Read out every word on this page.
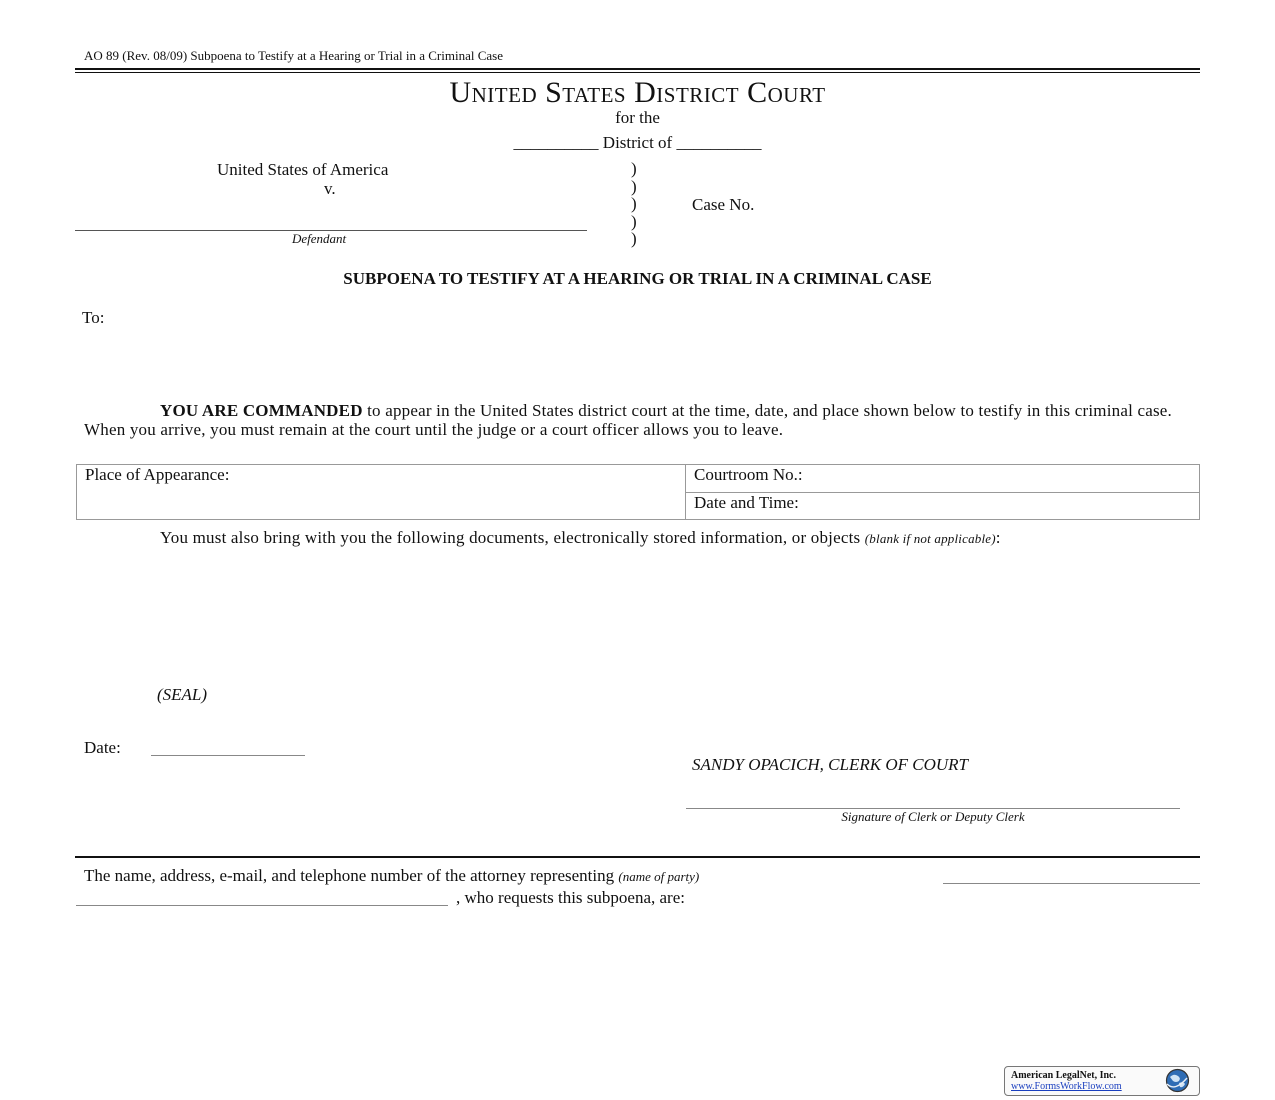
AO 89 (Rev. 08/09) Subpoena to Testify at a Hearing or Trial in a Criminal Case
United States District Court
for the
__________ District of __________
United States of America
v.
Defendant
)
)
)
)
)
Case No.
SUBPOENA TO TESTIFY AT A HEARING OR TRIAL IN A CRIMINAL CASE
To:
YOU ARE COMMANDED to appear in the United States district court at the time, date, and place shown below to testify in this criminal case. When you arrive, you must remain at the court until the judge or a court officer allows you to leave.
Place of Appearance:	Courtroom No.:
Date and Time:
You must also bring with you the following documents, electronically stored information, or objects (blank if not applicable):
(SEAL)
Date:
SANDY OPACICH, CLERK OF COURT
Signature of Clerk or Deputy Clerk
The name, address, e-mail, and telephone number of the attorney representing (name of party)
, who requests this subpoena, are:
American LegalNet, Inc.
www.FormsWorkFlow.com
